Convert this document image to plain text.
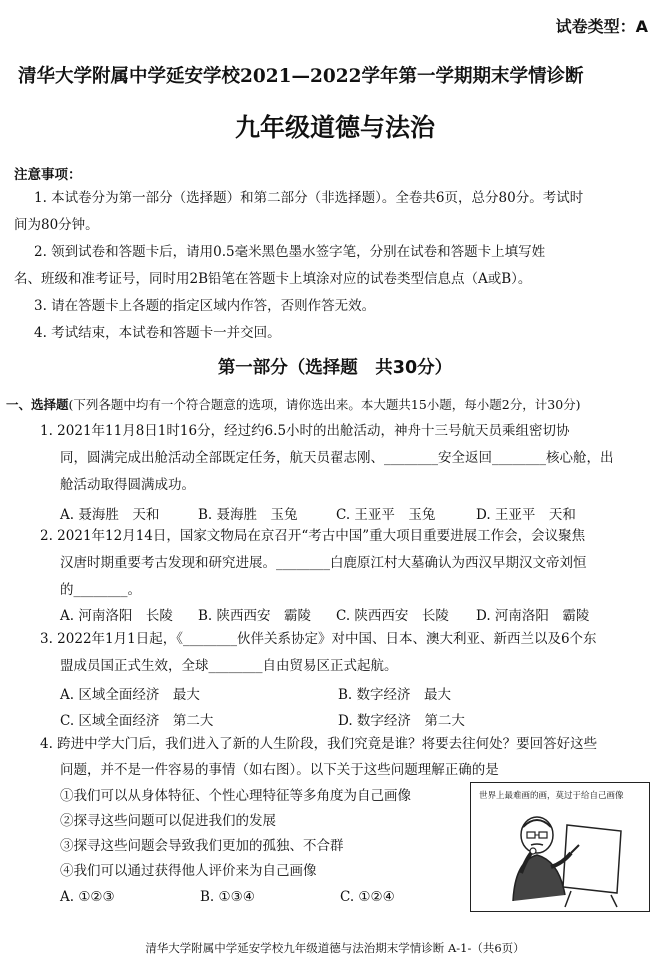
试卷类型：A
清华大学附属中学延安学校2021—2022学年第一学期期末学情诊断
九年级道德与法治
注意事项：
1. 本试卷分为第一部分（选择题）和第二部分（非选择题）。全卷共6页，总分80分。考试时
间为80分钟。
2. 领到试卷和答题卡后，请用0.5毫米黑色墨水签字笔，分别在试卷和答题卡上填写姓
名、班级和准考证号，同时用2B铅笔在答题卡上填涂对应的试卷类型信息点（A或B）。
3. 请在答题卡上各题的指定区域内作答，否则作答无效。
4. 考试结束，本试卷和答题卡一并交回。
第一部分（选择题　共30分）
一、选择题(下列各题中均有一个符合题意的选项，请你选出来。本大题共15小题，每小题2分，计30分)
1. 2021年11月8日1时16分，经过约6.5小时的出舱活动，神舟十三号航天员乘组密切协
同，圆满完成出舱活动全部既定任务，航天员翟志刚、________安全返回________核心舱，出
舱活动取得圆满成功。
A. 聂海胜　天和	B. 聂海胜　玉兔	C. 王亚平　玉兔	D. 王亚平　天和
2. 2021年12月14日，国家文物局在京召开“考古中国”重大项目重要进展工作会，会议聚焦
汉唐时期重要考古发现和研究进展。________白鹿原江村大墓确认为西汉早期汉文帝刘恒
的________。
A. 河南洛阳　长陵 B. 陕西西安　霸陵 C. 陕西西安　长陵 D. 河南洛阳　霸陵
3. 2022年1月1日起，《________伙伴关系协定》对中国、日本、澳大利亚、新西兰以及6个东
盟成员国正式生效，全球________自由贸易区正式起航。
A. 区域全面经济　最大	B. 数字经济　最大
C. 区域全面经济　第二大	D. 数字经济　第二大
4. 跨进中学大门后，我们进入了新的人生阶段，我们究竟是谁？将要去往何处？要回答好这些
问题，并不是一件容易的事情（如右图）。以下关于这些问题理解正确的是
①我们可以从身体特征、个性心理特征等多角度为自己画像
②探寻这些问题可以促进我们的发展
③探寻这些问题会导致我们更加的孤独、不合群
④我们可以通过获得他人评价来为自己画像
A. ①②③	B. ①③④	C. ①②④
世界上最难画的画，莫过于给自己画像
清华大学附属中学延安学校九年级道德与法治期末学情诊断 A-1-（共6页）
